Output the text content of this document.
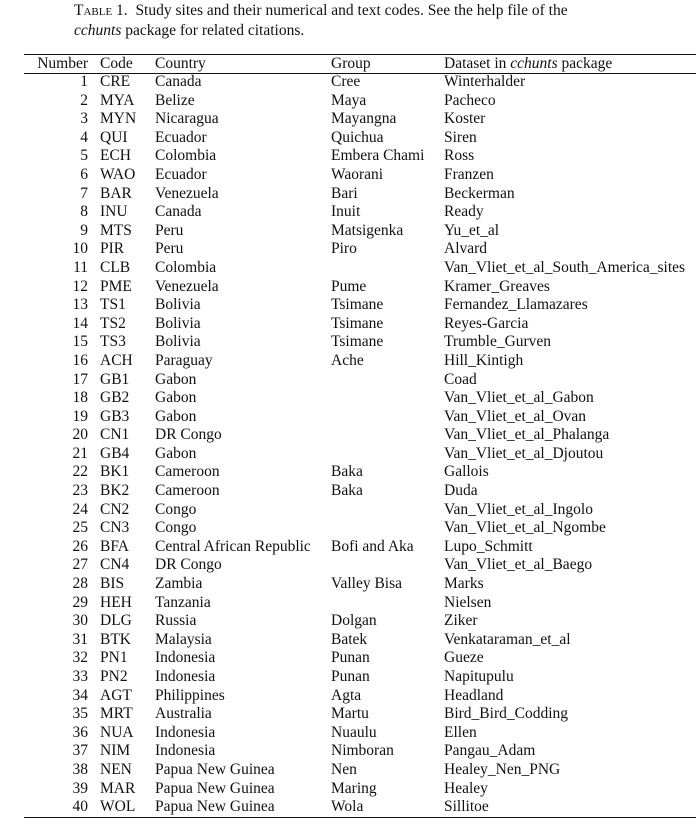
Table 1. Study sites and their numerical and text codes. See the help file of the cchunts package for related citations.
Number	Code	Country	Group	Dataset in cchunts package
1	CRE	Canada	Cree	Winterhalder
2	MYA	Belize	Maya	Pacheco
3	MYN	Nicaragua	Mayangna	Koster
4	QUI	Ecuador	Quichua	Siren
5	ECH	Colombia	Embera Chami	Ross
6	WAO	Ecuador	Waorani	Franzen
7	BAR	Venezuela	Bari	Beckerman
8	INU	Canada	Inuit	Ready
9	MTS	Peru	Matsigenka	Yu_et_al
10	PIR	Peru	Piro	Alvard
11	CLB	Colombia		Van_Vliet_et_al_South_America_sites
12	PME	Venezuela	Pume	Kramer_Greaves
13	TS1	Bolivia	Tsimane	Fernandez_Llamazares
14	TS2	Bolivia	Tsimane	Reyes-Garcia
15	TS3	Bolivia	Tsimane	Trumble_Gurven
16	ACH	Paraguay	Ache	Hill_Kintigh
17	GB1	Gabon		Coad
18	GB2	Gabon		Van_Vliet_et_al_Gabon
19	GB3	Gabon		Van_Vliet_et_al_Ovan
20	CN1	DR Congo		Van_Vliet_et_al_Phalanga
21	GB4	Gabon		Van_Vliet_et_al_Djoutou
22	BK1	Cameroon	Baka	Gallois
23	BK2	Cameroon	Baka	Duda
24	CN2	Congo		Van_Vliet_et_al_Ingolo
25	CN3	Congo		Van_Vliet_et_al_Ngombe
26	BFA	Central African Republic	Bofi and Aka	Lupo_Schmitt
27	CN4	DR Congo		Van_Vliet_et_al_Baego
28	BIS	Zambia	Valley Bisa	Marks
29	HEH	Tanzania		Nielsen
30	DLG	Russia	Dolgan	Ziker
31	BTK	Malaysia	Batek	Venkataraman_et_al
32	PN1	Indonesia	Punan	Gueze
33	PN2	Indonesia	Punan	Napitupulu
34	AGT	Philippines	Agta	Headland
35	MRT	Australia	Martu	Bird_Bird_Codding
36	NUA	Indonesia	Nuaulu	Ellen
37	NIM	Indonesia	Nimboran	Pangau_Adam
38	NEN	Papua New Guinea	Nen	Healey_Nen_PNG
39	MAR	Papua New Guinea	Maring	Healey
40	WOL	Papua New Guinea	Wola	Sillitoe
